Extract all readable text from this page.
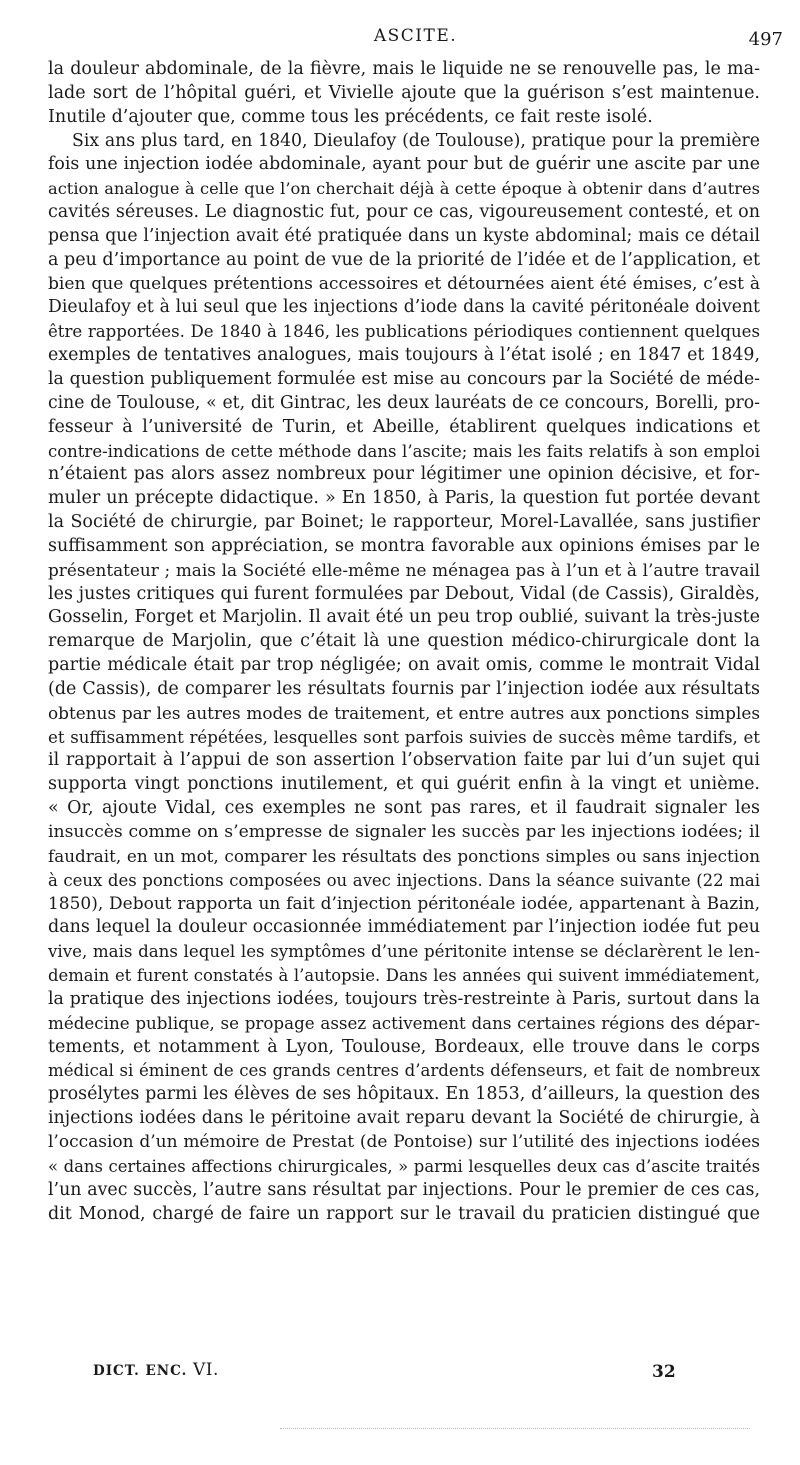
ASCITE.	497
la douleur abdominale, de la fièvre, mais le liquide ne se renouvelle pas, le ma-
lade sort de l’hôpital guéri, et Vivielle ajoute que la guérison s’est maintenue.
Inutile d’ajouter que, comme tous les précédents, ce fait reste isolé.
Six ans plus tard, en 1840, Dieulafoy (de Toulouse), pratique pour la première
fois une injection iodée abdominale, ayant pour but de guérir une ascite par une
action analogue à celle que l’on cherchait déjà à cette époque à obtenir dans d’autres
cavités séreuses. Le diagnostic fut, pour ce cas, vigoureusement contesté, et on
pensa que l’injection avait été pratiquée dans un kyste abdominal; mais ce détail
a peu d’importance au point de vue de la priorité de l’idée et de l’application, et
bien que quelques prétentions accessoires et détournées aient été émises, c’est à
Dieulafoy et à lui seul que les injections d’iode dans la cavité péritonéale doivent
être rapportées. De 1840 à 1846, les publications périodiques contiennent quelques
exemples de tentatives analogues, mais toujours à l’état isolé ; en 1847 et 1849,
la question publiquement formulée est mise au concours par la Société de méde-
cine de Toulouse, « et, dit Gintrac, les deux lauréats de ce concours, Borelli, pro-
fesseur à l’université de Turin, et Abeille, établirent quelques indications et
contre-indications de cette méthode dans l’ascite; mais les faits relatifs à son emploi
n’étaient pas alors assez nombreux pour légitimer une opinion décisive, et for-
muler un précepte didactique. » En 1850, à Paris, la question fut portée devant
la Société de chirurgie, par Boinet; le rapporteur, Morel-Lavallée, sans justifier
suffisamment son appréciation, se montra favorable aux opinions émises par le
présentateur ; mais la Société elle-même ne ménagea pas à l’un et à l’autre travail
les justes critiques qui furent formulées par Debout, Vidal (de Cassis), Giraldès,
Gosselin, Forget et Marjolin. Il avait été un peu trop oublié, suivant la très-juste
remarque de Marjolin, que c’était là une question médico-chirurgicale dont la
partie médicale était par trop négligée; on avait omis, comme le montrait Vidal
(de Cassis), de comparer les résultats fournis par l’injection iodée aux résultats
obtenus par les autres modes de traitement, et entre autres aux ponctions simples
et suffisamment répétées, lesquelles sont parfois suivies de succès même tardifs, et
il rapportait à l’appui de son assertion l’observation faite par lui d’un sujet qui
supporta vingt ponctions inutilement, et qui guérit enfin à la vingt et unième.
« Or, ajoute Vidal, ces exemples ne sont pas rares, et il faudrait signaler les
insuccès comme on s’empresse de signaler les succès par les injections iodées; il
faudrait, en un mot, comparer les résultats des ponctions simples ou sans injection
à ceux des ponctions composées ou avec injections. Dans la séance suivante (22 mai
1850), Debout rapporta un fait d’injection péritonéale iodée, appartenant à Bazin,
dans lequel la douleur occasionnée immédiatement par l’injection iodée fut peu
vive, mais dans lequel les symptômes d’une péritonite intense se déclarèrent le len-
demain et furent constatés à l’autopsie. Dans les années qui suivent immédiatement,
la pratique des injections iodées, toujours très-restreinte à Paris, surtout dans la
médecine publique, se propage assez activement dans certaines régions des dépar-
tements, et notamment à Lyon, Toulouse, Bordeaux, elle trouve dans le corps
médical si éminent de ces grands centres d’ardents défenseurs, et fait de nombreux
prosélytes parmi les élèves de ses hôpitaux. En 1853, d’ailleurs, la question des
injections iodées dans le péritoine avait reparu devant la Société de chirurgie, à
l’occasion d’un mémoire de Prestat (de Pontoise) sur l’utilité des injections iodées
« dans certaines affections chirurgicales, » parmi lesquelles deux cas d’ascite traités
l’un avec succès, l’autre sans résultat par injections. Pour le premier de ces cas,
dit Monod, chargé de faire un rapport sur le travail du praticien distingué que
DICT. ENC. VI.	32
